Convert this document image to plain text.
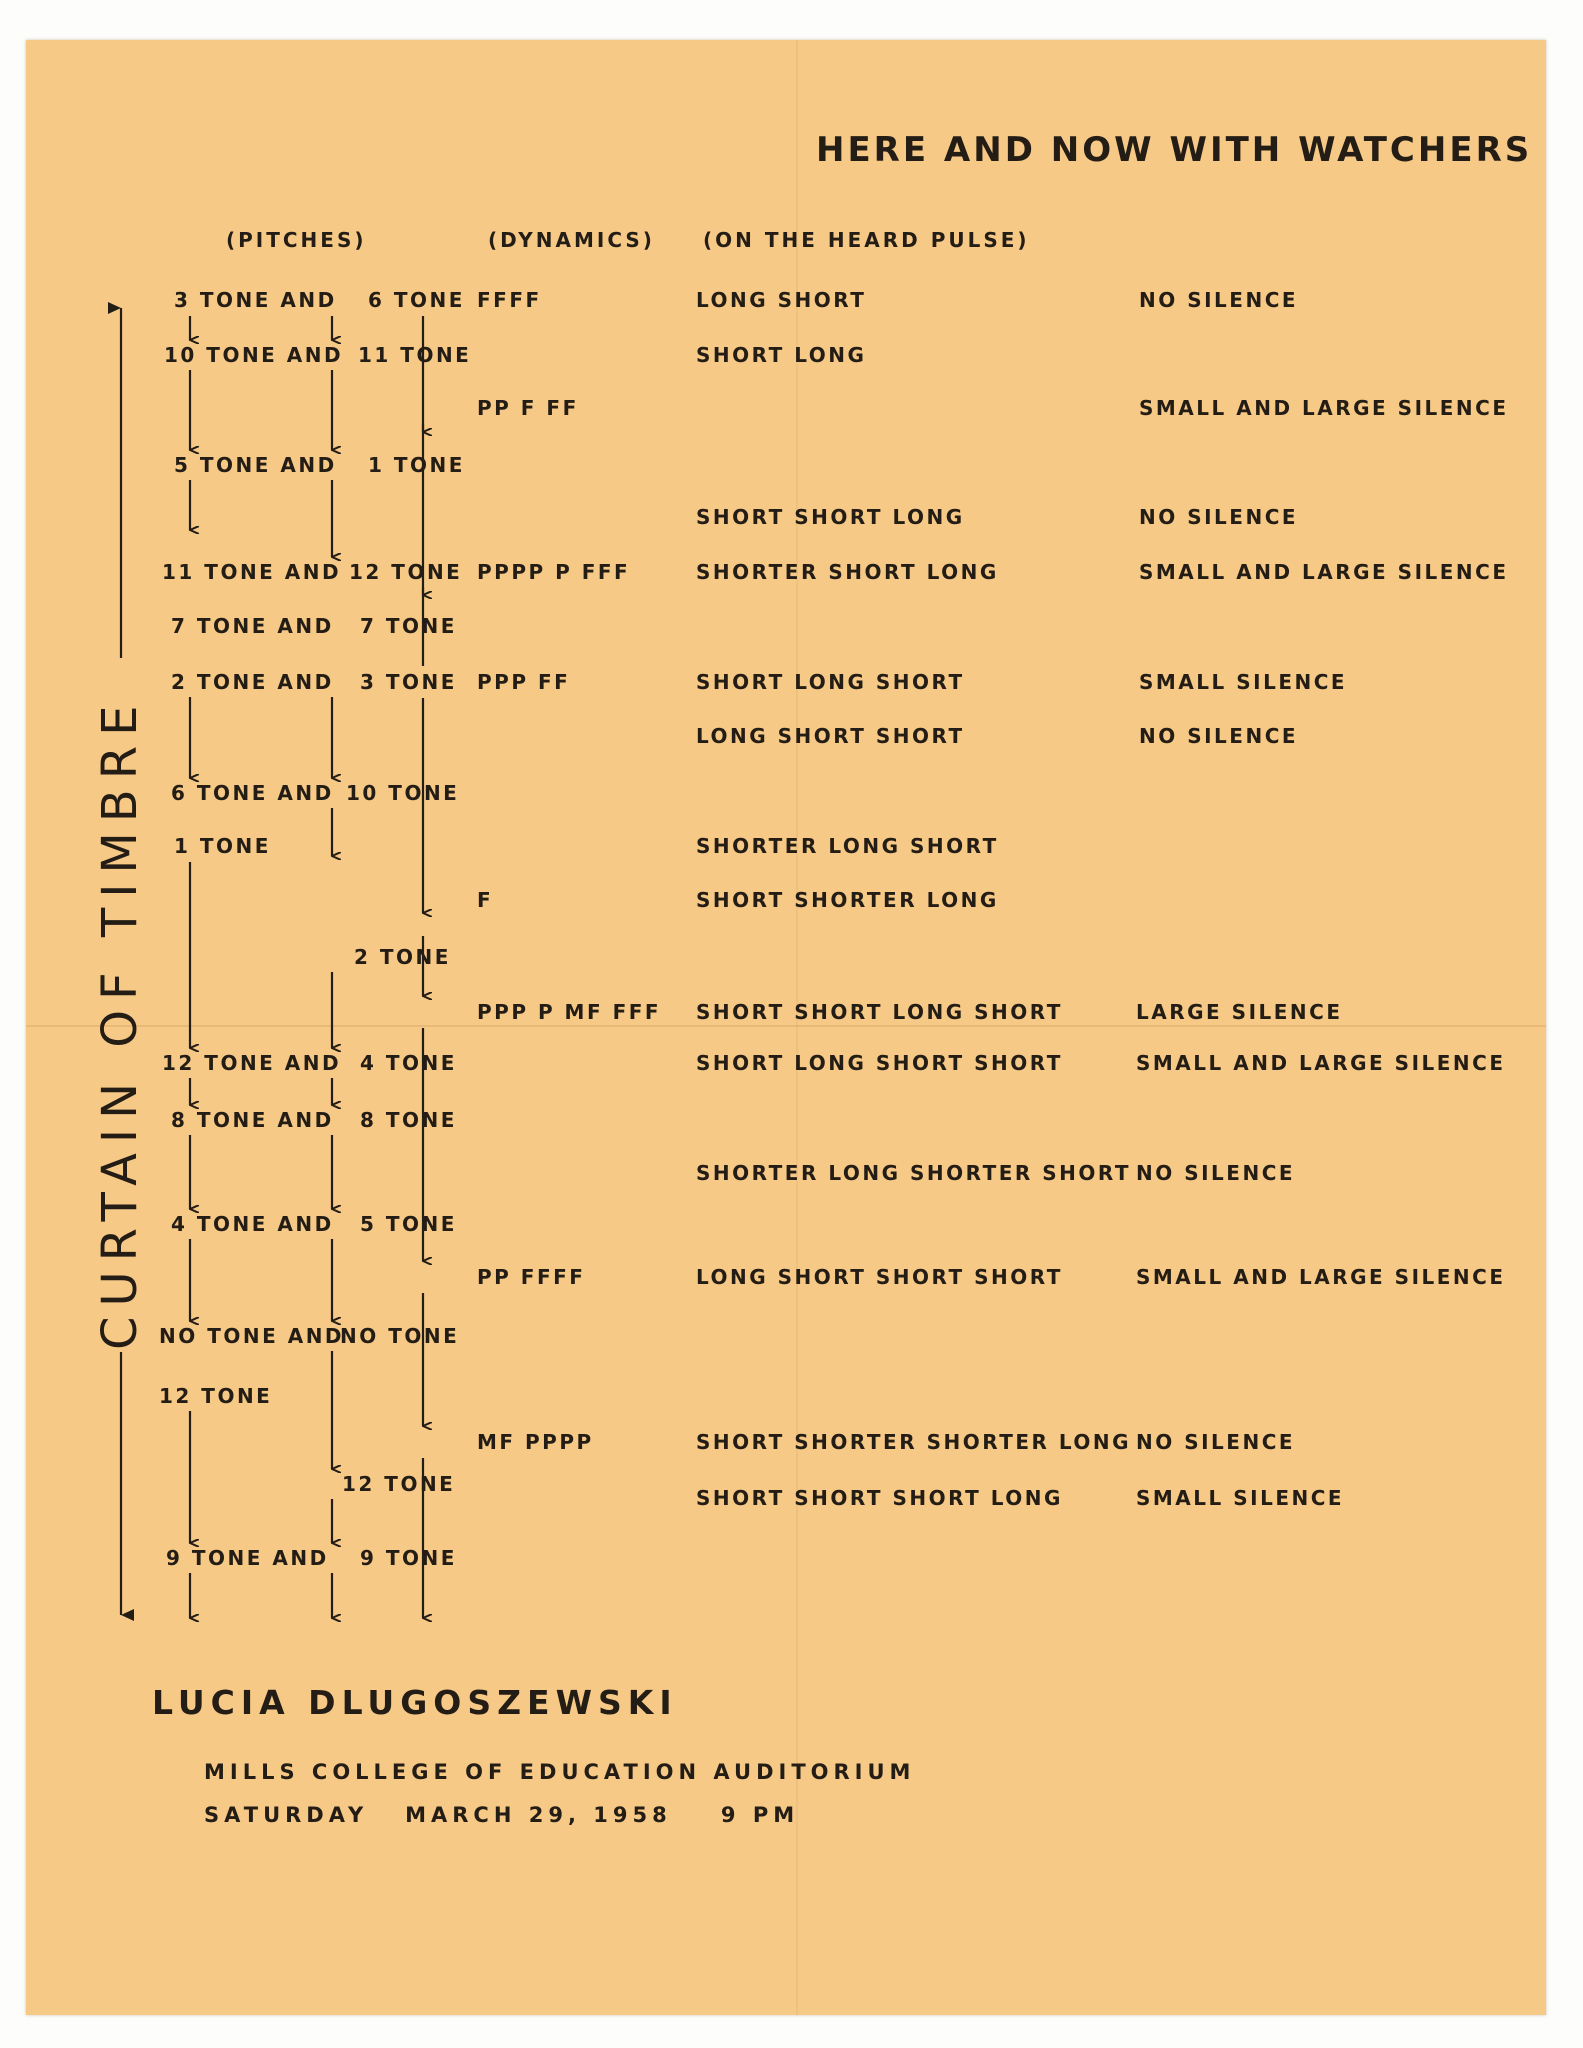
HERE AND NOW WITH WATCHERS
(PITCHES)	(DYNAMICS) (ON THE HEARD PULSE)
CURTAIN OF TIMBRE
3 TONE AND
10 TONE AND
5 TONE AND
11 TONE AND
7 TONE AND
2 TONE AND
6 TONE AND
1 TONE
12 TONE AND
8 TONE AND
4 TONE AND
NO TONE AND
12 TONE
9 TONE AND
6 TONE
11 TONE
1 TONE
12 TONE
7 TONE
3 TONE
10 TONE
2 TONE
4 TONE
8 TONE
5 TONE
NO TONE
12 TONE
9 TONE
FFFF
PP F FF
PPPP P FFF
PPP FF
F
PPP P MF FFF
PP FFFF
MF PPPP
LONG SHORT
SHORT LONG
SHORT SHORT LONG
SHORTER SHORT LONG
SHORT LONG SHORT
LONG SHORT SHORT
SHORTER LONG SHORT
SHORT SHORTER LONG
SHORT SHORT LONG SHORT
SHORT LONG SHORT SHORT
SHORTER LONG SHORTER SHORT
LONG SHORT SHORT SHORT
SHORT SHORTER SHORTER LONG
SHORT SHORT SHORT LONG
NO SILENCE
SMALL AND LARGE SILENCE
NO SILENCE
SMALL AND LARGE SILENCE
SMALL SILENCE
NO SILENCE
LARGE SILENCE
SMALL AND LARGE SILENCE
NO SILENCE
SMALL AND LARGE SILENCE
NO SILENCE
SMALL SILENCE
LUCIA DLUGOSZEWSKI
MILLS COLLEGE OF EDUCATION AUDITORIUM
SATURDAY   MARCH 29, 1958    9 PM
